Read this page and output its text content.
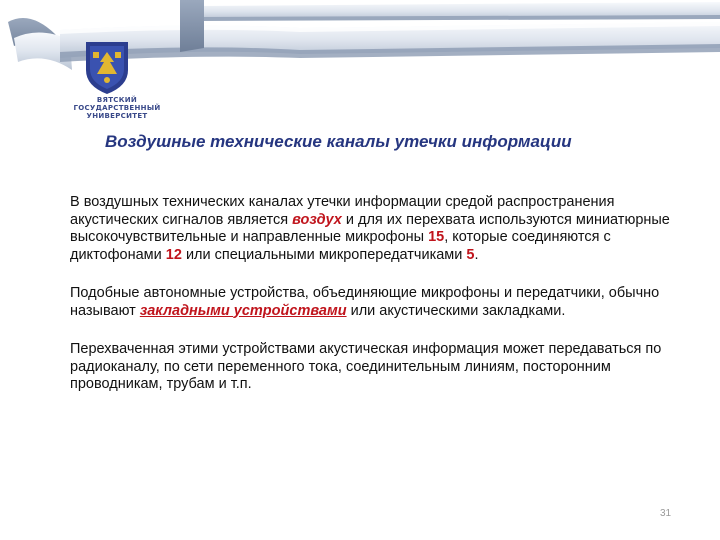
ВЯТСКИЙ
ГОСУДАРСТВЕННЫЙ
УНИВЕРСИТЕТ
Воздушные технические каналы утечки информации

В воздушных технических каналах утечки информации средой распространения акустических сигналов является воздух и для их перехвата используются миниатюрные высокочувствительные и направленные микрофоны 15, которые соединяются с диктофонами 12 или специальными микропередатчиками 5.

Подобные автономные устройства, объединяющие микрофоны и передатчики, обычно называют закладными устройствами или акустическими закладками.

Перехваченная этими устройствами акустическая информация может передаваться по радиоканалу, по сети переменного тока, соединительным линиям, посторонним проводникам, трубам и т.п.

31
